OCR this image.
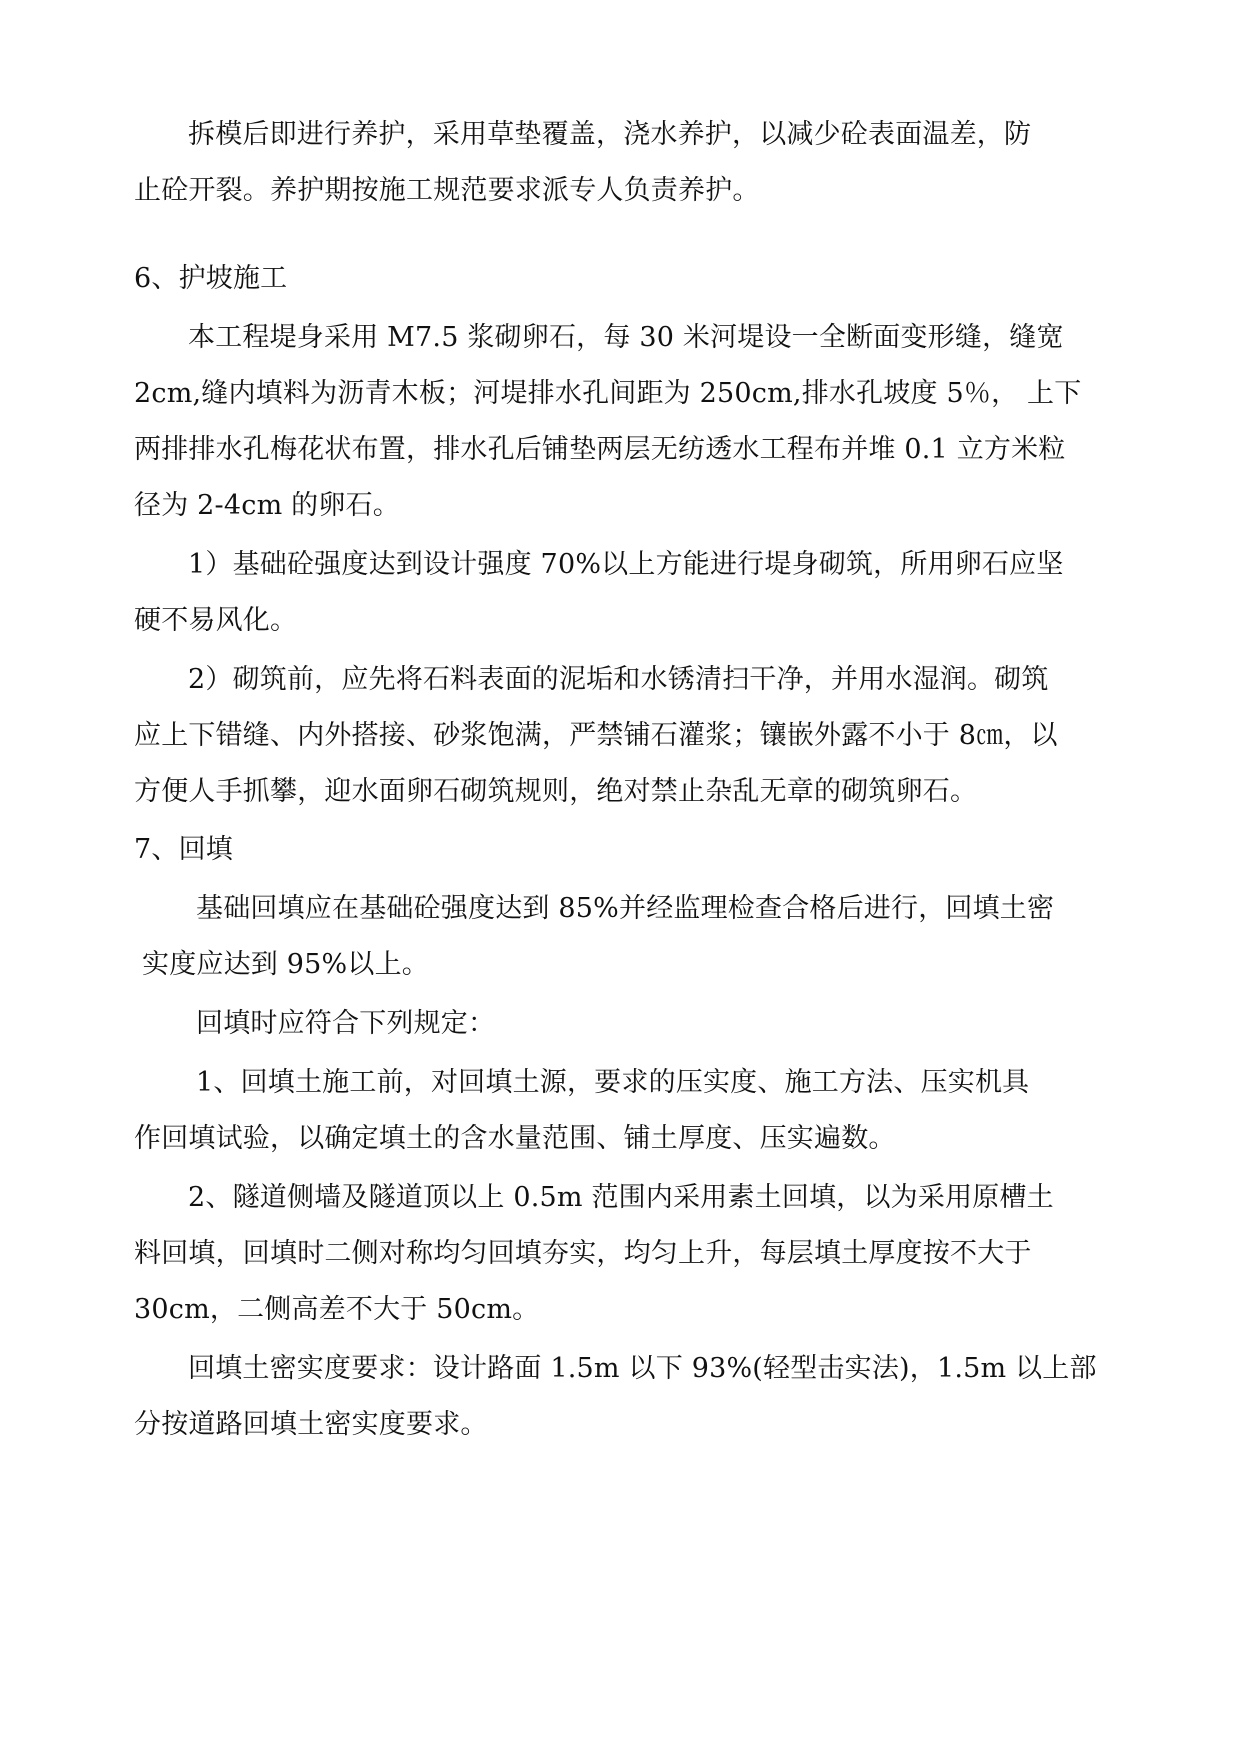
拆模后即进行养护，采用草垫覆盖，浇水养护，以减少砼表面温差，防
止砼开裂。养护期按施工规范要求派专人负责养护。
6、护坡施工
本工程堤身采用 M7.5 浆砌卵石，每 30 米河堤设一全断面变形缝，缝宽
2cm,缝内填料为沥青木板；河堤排水孔间距为 250cm,排水孔坡度 5％， 上下
两排排水孔梅花状布置，排水孔后铺垫两层无纺透水工程布并堆 0.1 立方米粒
径为 2-4cm 的卵石。
1）基础砼强度达到设计强度 70%以上方能进行堤身砌筑，所用卵石应坚
硬不易风化。
2）砌筑前，应先将石料表面的泥垢和水锈清扫干净，并用水湿润。砌筑
应上下错缝、内外搭接、砂浆饱满，严禁铺石灌浆；镶嵌外露不小于 8㎝，以
方便人手抓攀，迎水面卵石砌筑规则，绝对禁止杂乱无章的砌筑卵石。
7、回填
基础回填应在基础砼强度达到 85%并经监理检查合格后进行，回填土密
实度应达到 95%以上。
回填时应符合下列规定：
1、回填土施工前，对回填土源，要求的压实度、施工方法、压实机具
作回填试验，以确定填土的含水量范围、铺土厚度、压实遍数。
2、隧道侧墙及隧道顶以上 0.5m 范围内采用素土回填，以为采用原槽土
料回填，回填时二侧对称均匀回填夯实，均匀上升，每层填土厚度按不大于
30cm，二侧高差不大于 50cm。
回填土密实度要求：设计路面 1.5m 以下 93%(轻型击实法)，1.5m 以上部
分按道路回填土密实度要求。
